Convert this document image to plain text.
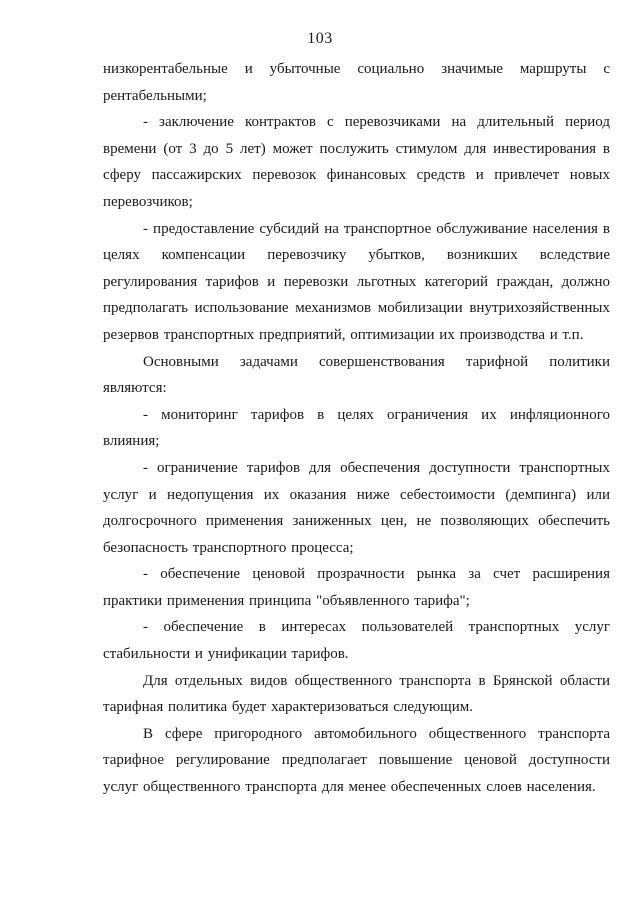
103

низкорентабельные и убыточные социально значимые маршруты с рентабельными;

- заключение контрактов с перевозчиками на длительный период времени (от 3 до 5 лет) может послужить стимулом для инвестирования в сферу пассажирских перевозок финансовых средств и привлечет новых перевозчиков;

- предоставление субсидий на транспортное обслуживание населения в целях компенсации перевозчику убытков, возникших вследствие регулирования тарифов и перевозки льготных категорий граждан, должно предполагать использование механизмов мобилизации внутрихозяйственных резервов транспортных предприятий, оптимизации их производства и т.п.

Основными задачами совершенствования тарифной политики являются:

- мониторинг тарифов в целях ограничения их инфляционного влияния;

- ограничение тарифов для обеспечения доступности транспортных услуг и недопущения их оказания ниже себестоимости (демпинга) или долгосрочного применения заниженных цен, не позволяющих обеспечить безопасность транспортного процесса;

- обеспечение ценовой прозрачности рынка за счет расширения практики применения принципа "объявленного тарифа";

- обеспечение в интересах пользователей транспортных услуг стабильности и унификации тарифов.

Для отдельных видов общественного транспорта в Брянской области тарифная политика будет характеризоваться следующим.

В сфере пригородного автомобильного общественного транспорта тарифное регулирование предполагает повышение ценовой доступности услуг общественного транспорта для менее обеспеченных слоев населения.
